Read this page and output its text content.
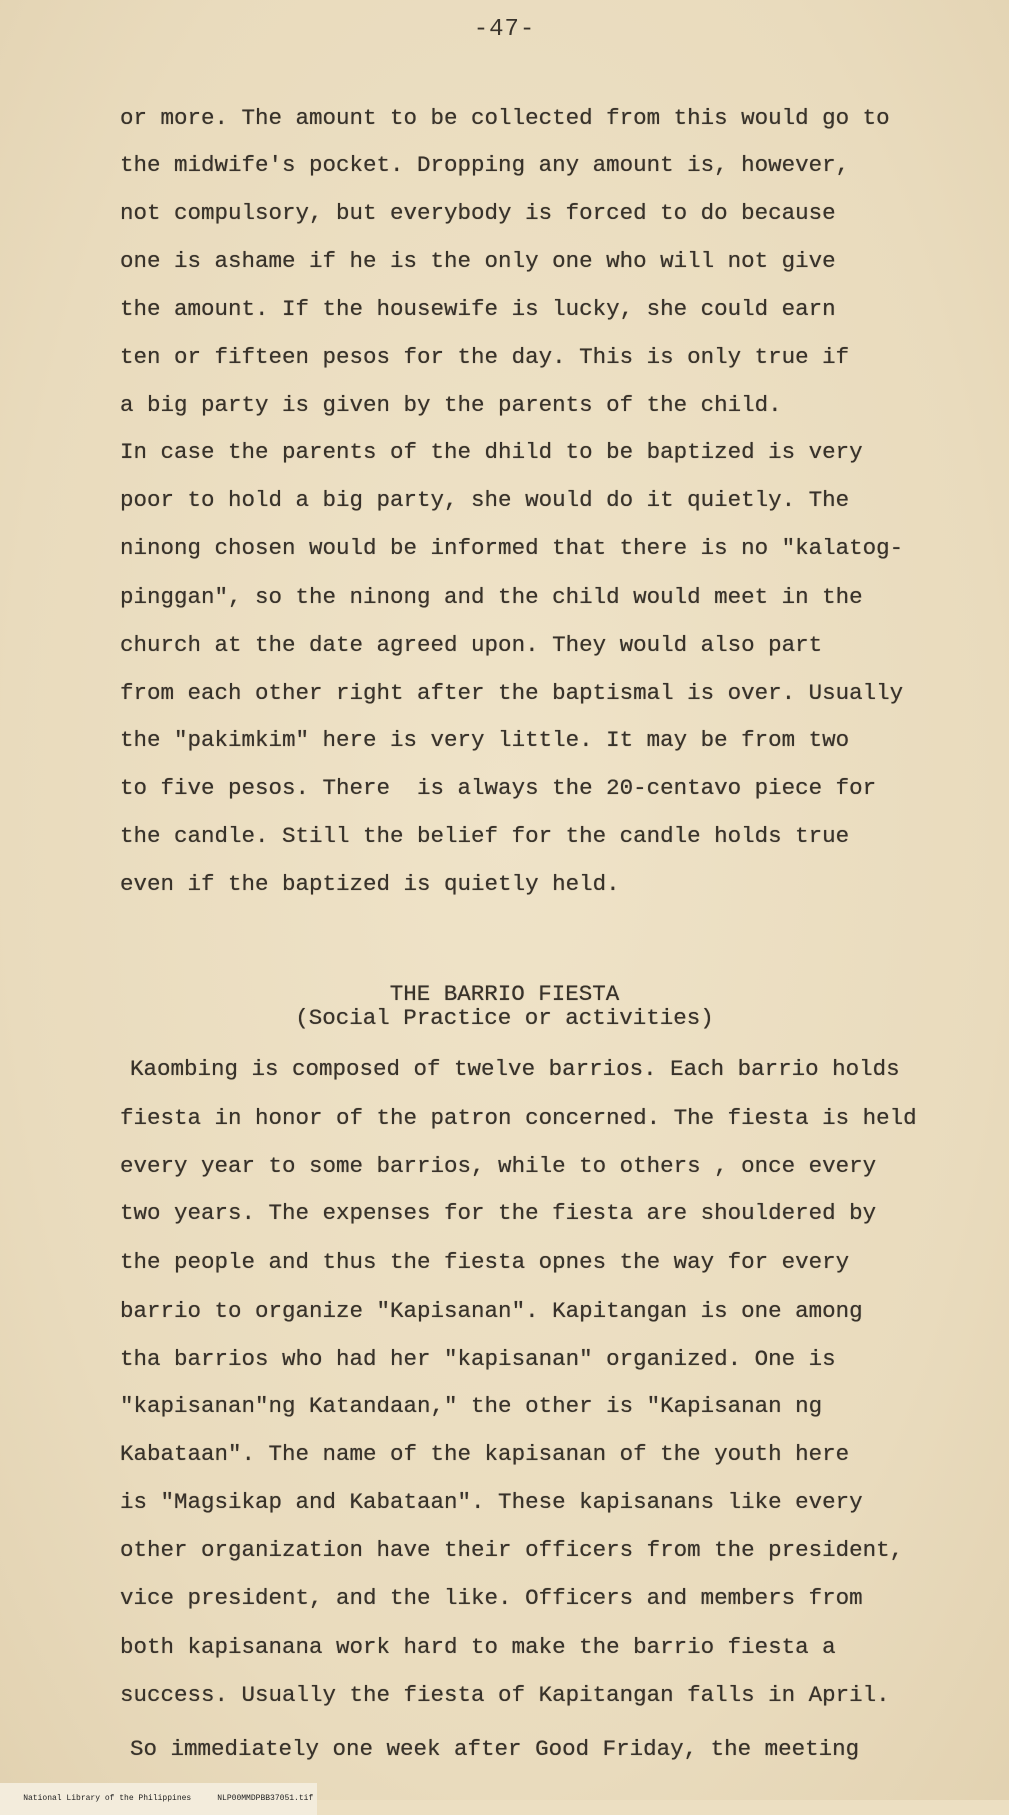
-47-
or more. The amount to be collected from this would go to
the midwife's pocket. Dropping any amount is, however,
not compulsory, but everybody is forced to do because
one is ashame if he is the only one who will not give
the amount. If the housewife is lucky, she could earn
ten or fifteen pesos for the day. This is only true if
a big party is given by the parents of the child.
In case the parents of the dhild to be baptized is very
poor to hold a big party, she would do it quietly. The
ninong chosen would be informed that there is no "kalatog-
pinggan", so the ninong and the child would meet in the
church at the date agreed upon. They would also part
from each other right after the baptismal is over. Usually
the "pakimkim" here is very little. It may be from two
to five pesos. There  is always the 20-centavo piece for
the candle. Still the belief for the candle holds true
even if the baptized is quietly held.
THE BARRIO FIESTA
(Social Practice or activities)
Kaombing is composed of twelve barrios. Each barrio holds
fiesta in honor of the patron concerned. The fiesta is held
every year to some barrios, while to others , once every
two years. The expenses for the fiesta are shouldered by
the people and thus the fiesta opnes the way for every
barrio to organize "Kapisanan". Kapitangan is one among
tha barrios who had her "kapisanan" organized. One is
"kapisanan"ng Katandaan," the other is "Kapisanan ng
Kabataan". The name of the kapisanan of the youth here
is "Magsikap and Kabataan". These kapisanans like every
other organization have their officers from the president,
vice president, and the like. Officers and members from
both kapisanana work hard to make the barrio fiesta a
success. Usually the fiesta of Kapitangan falls in April.
So immediately one week after Good Friday, the meeting

National Library of the Philippines	NLP00MMDPBB37051.tif
